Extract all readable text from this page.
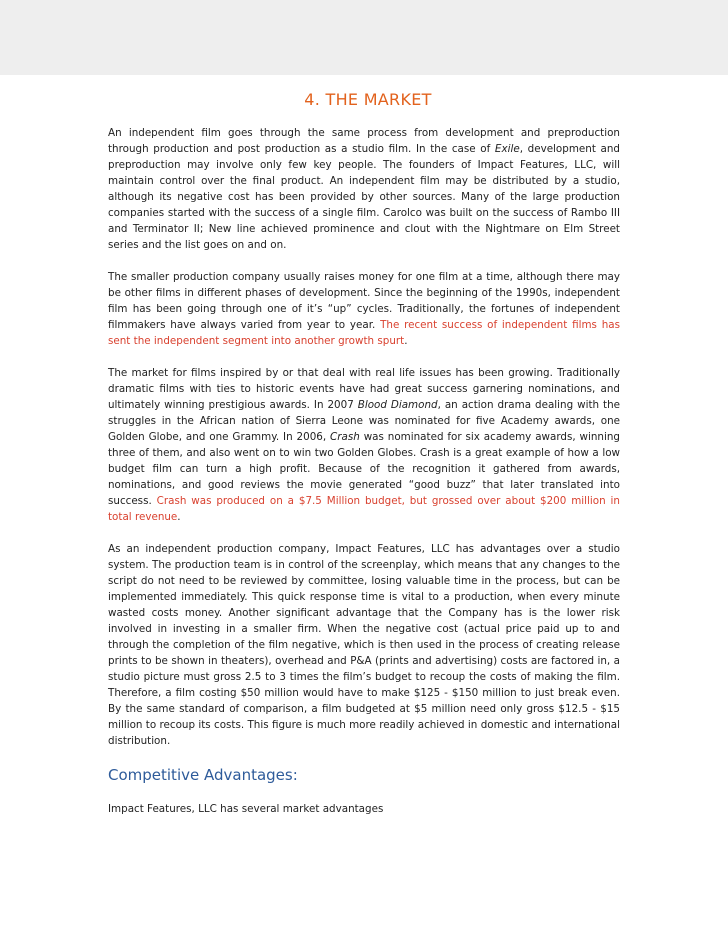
4. THE MARKET

An independent film goes through the same process from development and preproduction through production and post production as a studio film. In the case of Exile, development and preproduction may involve only few key people. The founders of Impact Features, LLC, will maintain control over the final product. An independent film may be distributed by a studio, although its negative cost has been provided by other sources. Many of the large production companies started with the success of a single film. Carolco was built on the success of Rambo III and Terminator II; New line achieved prominence and clout with the Nightmare on Elm Street series and the list goes on and on.

The smaller production company usually raises money for one film at a time, although there may be other films in different phases of development. Since the beginning of the 1990s, independent film has been going through one of it’s “up” cycles. Traditionally, the fortunes of independent filmmakers have always varied from year to year. The recent success of independent films has sent the independent segment into another growth spurt.

The market for films inspired by or that deal with real life issues has been growing. Traditionally dramatic films with ties to historic events have had great success garnering nominations, and ultimately winning prestigious awards. In 2007 Blood Diamond, an action drama dealing with the struggles in the African nation of Sierra Leone was nominated for five Academy awards, one Golden Globe, and one Grammy. In 2006, Crash was nominated for six academy awards, winning three of them, and also went on to win two Golden Globes. Crash is a great example of how a low budget film can turn a high profit. Because of the recognition it gathered from awards, nominations, and good reviews the movie generated “good buzz” that later translated into success. Crash was produced on a $7.5 Million budget, but grossed over about $200 million in total revenue.

As an independent production company, Impact Features, LLC has advantages over a studio system. The production team is in control of the screenplay, which means that any changes to the script do not need to be reviewed by committee, losing valuable time in the process, but can be implemented immediately. This quick response time is vital to a production, when every minute wasted costs money. Another significant advantage that the Company has is the lower risk involved in investing in a smaller firm. When the negative cost (actual price paid up to and through the completion of the film negative, which is then used in the process of creating release prints to be shown in theaters), overhead and P&A (prints and advertising) costs are factored in, a studio picture must gross 2.5 to 3 times the film’s budget to recoup the costs of making the film. Therefore, a film costing $50 million would have to make $125 - $150 million to just break even. By the same standard of comparison, a film budgeted at $5 million need only gross $12.5 - $15 million to recoup its costs. This figure is much more readily achieved in domestic and international distribution.

Competitive Advantages:

Impact Features, LLC has several market advantages
